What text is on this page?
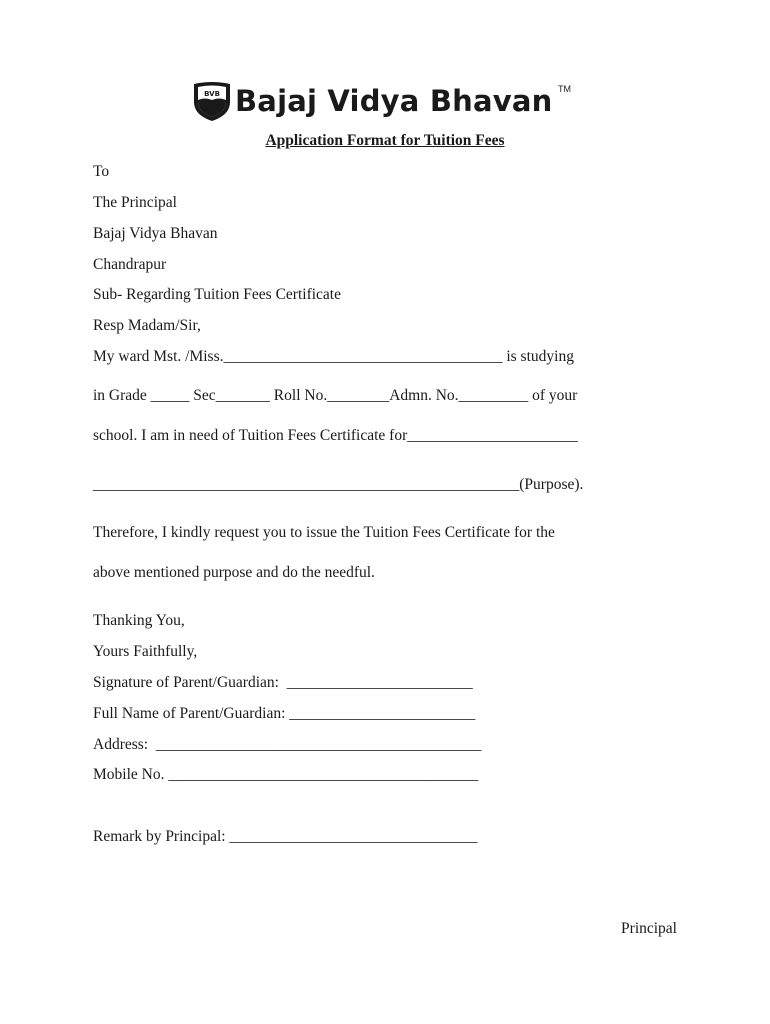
BVB Bajaj Vidya Bhavan TM
Application Format for Tuition Fees
To
The Principal
Bajaj Vidya Bhavan
Chandrapur
Sub- Regarding Tuition Fees Certificate
Resp Madam/Sir,
My ward Mst. /Miss.____________________________________ is studying
in Grade _____ Sec_______ Roll No.________Admn. No._________ of your
school. I am in need of Tuition Fees Certificate for______________________
_______________________________________________________(Purpose).
Therefore, I kindly request you to issue the Tuition Fees Certificate for the
above mentioned purpose and do the needful.
Thanking You,
Yours Faithfully,
Signature of Parent/Guardian:  ________________________
Full Name of Parent/Guardian: ________________________
Address:  __________________________________________
Mobile No. ________________________________________
Remark by Principal: ________________________________
Principal
